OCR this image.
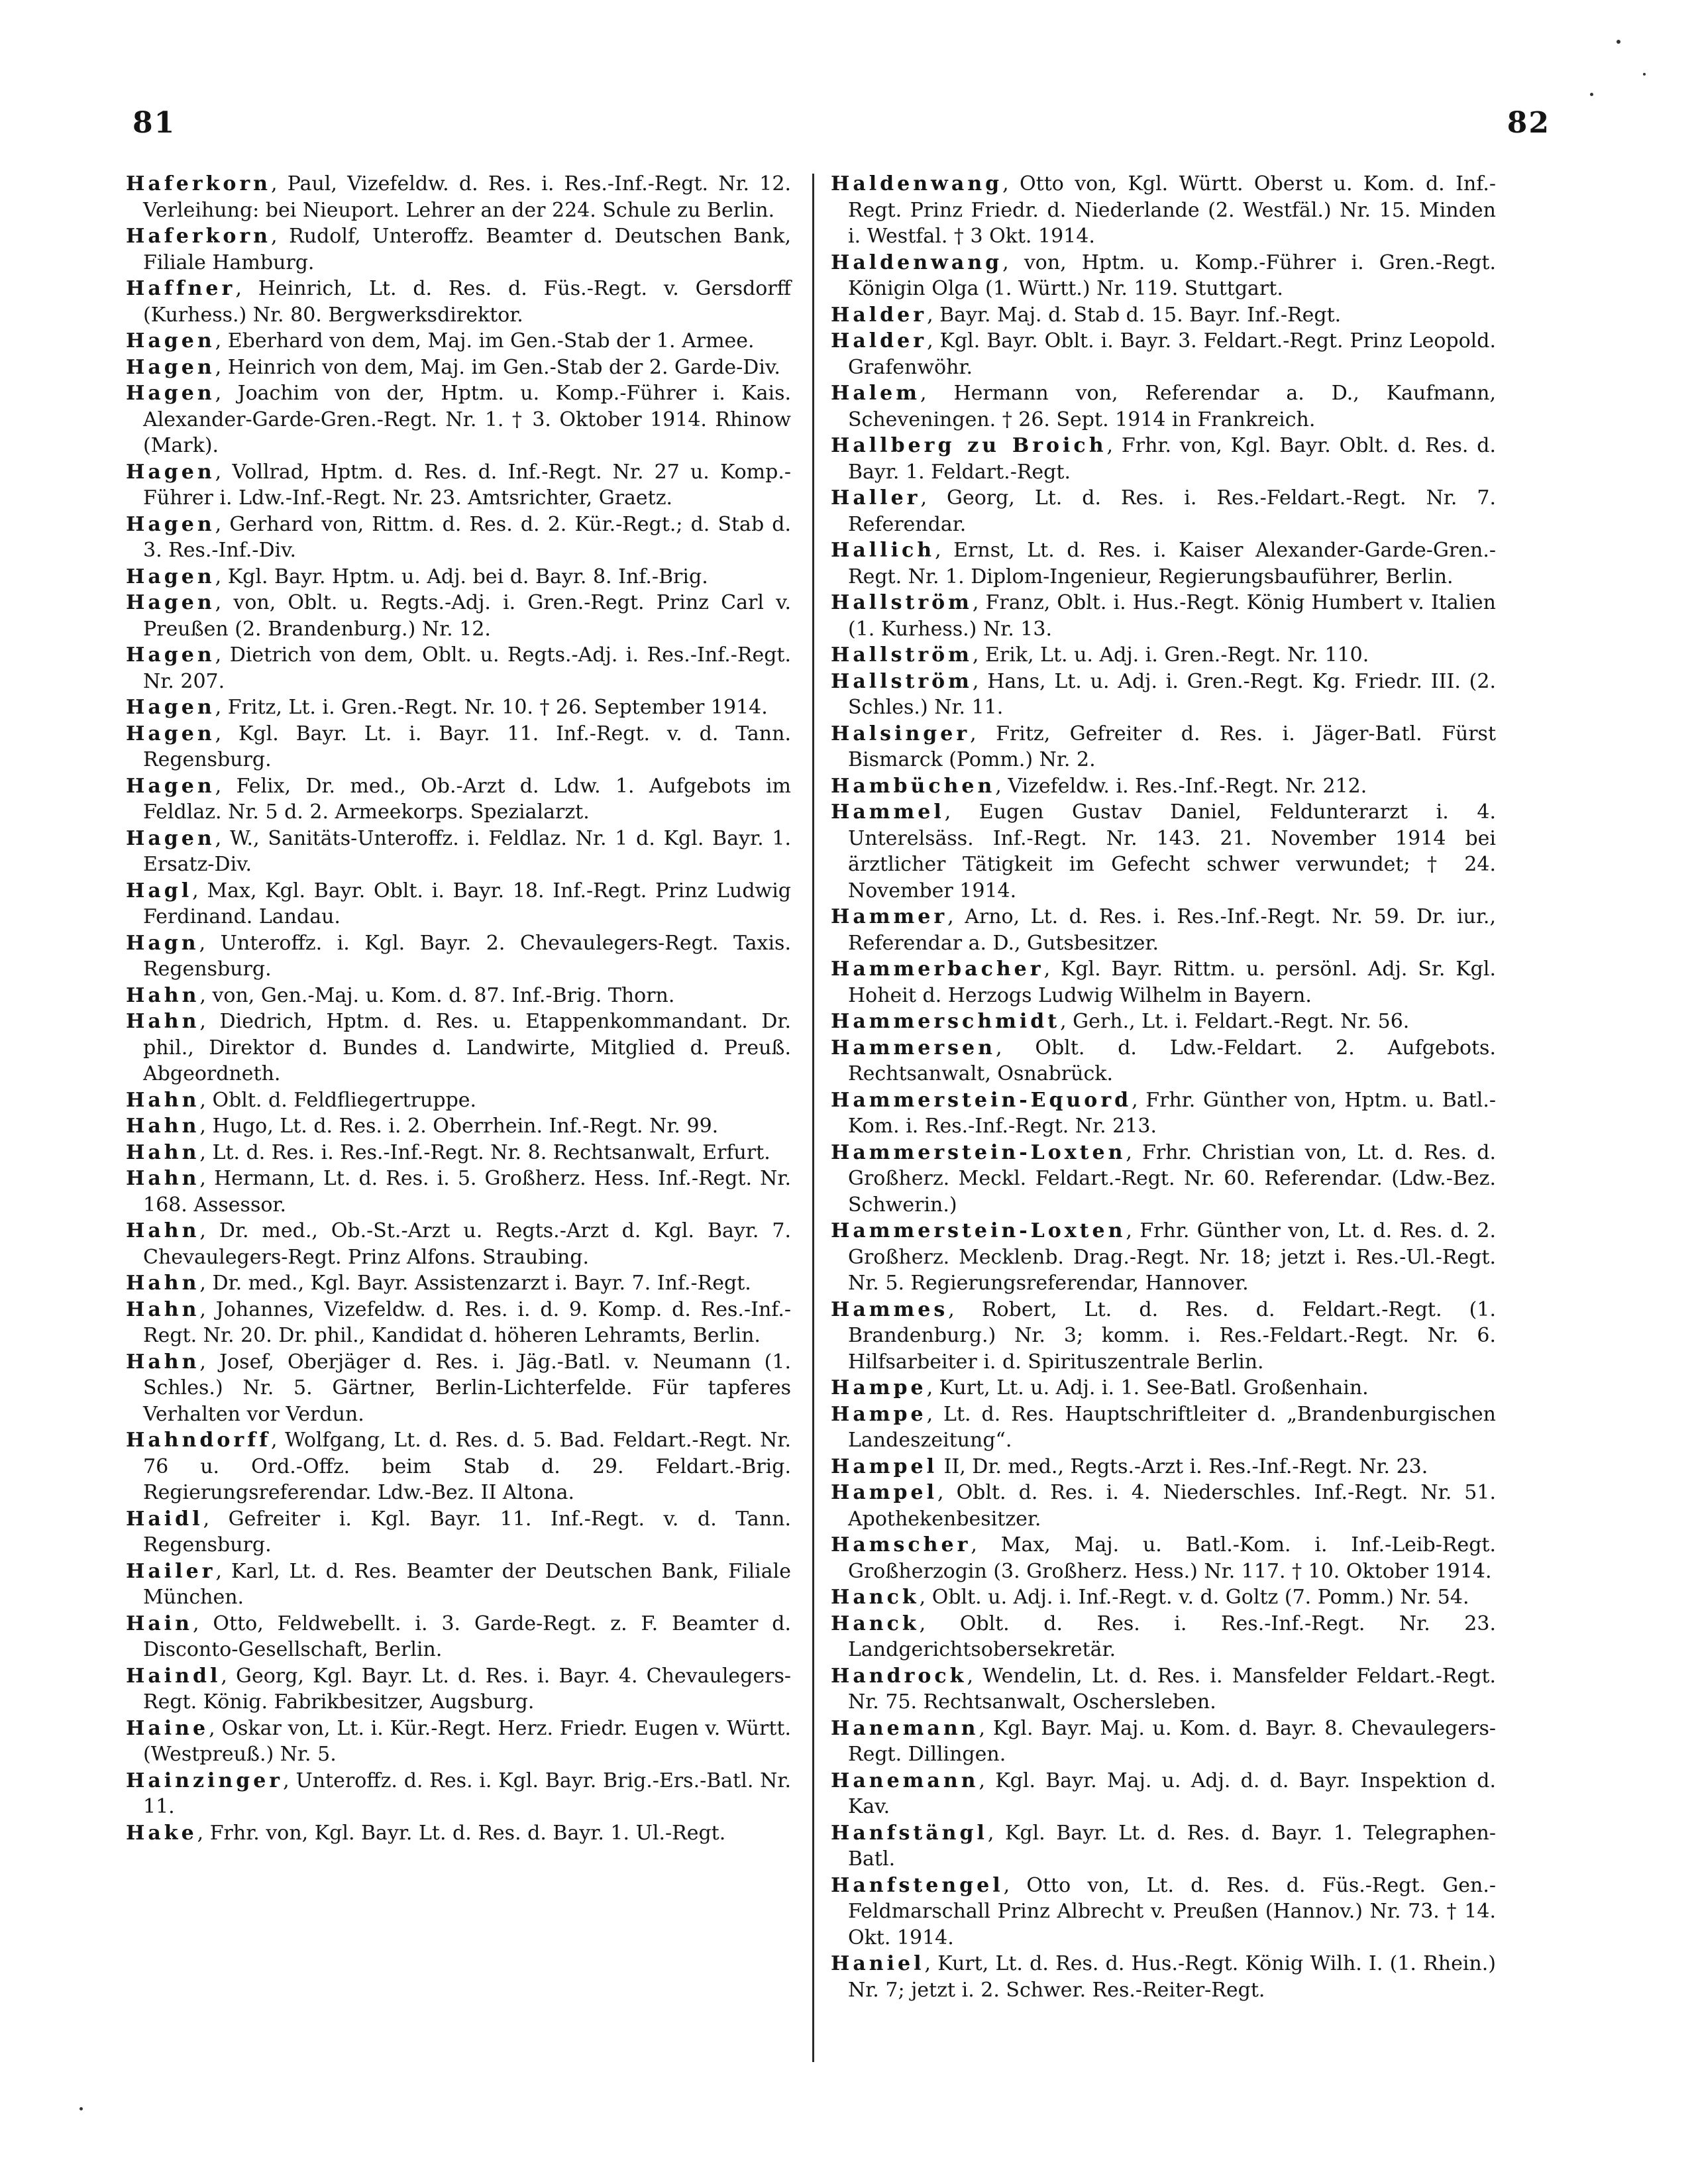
81	82

Haferkorn, Paul, Vizefeldw. d. Res. i. Res.-Inf.-Regt. Nr. 12. Verleihung: bei Nieuport. Lehrer an der 224. Schule zu Berlin.

Haferkorn, Rudolf, Unteroffz. Beamter d. Deutschen Bank, Filiale Hamburg.

Haffner, Heinrich, Lt. d. Res. d. Füs.-Regt. v. Gersdorff (Kurhess.) Nr. 80. Bergwerksdirektor.

Hagen, Eberhard von dem, Maj. im Gen.-Stab der 1. Armee.

Hagen, Heinrich von dem, Maj. im Gen.-Stab der 2. Garde-Div.

Hagen, Joachim von der, Hptm. u. Komp.-Führer i. Kais. Alexander-Garde-Gren.-Regt. Nr. 1. † 3. Oktober 1914. Rhinow (Mark).

Hagen, Vollrad, Hptm. d. Res. d. Inf.-Regt. Nr. 27 u. Komp.-Führer i. Ldw.-Inf.-Regt. Nr. 23. Amtsrichter, Graetz.

Hagen, Gerhard von, Rittm. d. Res. d. 2. Kür.-Regt.; d. Stab d. 3. Res.-Inf.-Div.

Hagen, Kgl. Bayr. Hptm. u. Adj. bei d. Bayr. 8. Inf.-Brig.

Hagen, von, Oblt. u. Regts.-Adj. i. Gren.-Regt. Prinz Carl v. Preußen (2. Brandenburg.) Nr. 12.

Hagen, Dietrich von dem, Oblt. u. Regts.-Adj. i. Res.-Inf.-Regt. Nr. 207.

Hagen, Fritz, Lt. i. Gren.-Regt. Nr. 10. † 26. September 1914.

Hagen, Kgl. Bayr. Lt. i. Bayr. 11. Inf.-Regt. v. d. Tann. Regensburg.

Hagen, Felix, Dr. med., Ob.-Arzt d. Ldw. 1. Aufgebots im Feldlaz. Nr. 5 d. 2. Armeekorps. Spezialarzt.

Hagen, W., Sanitäts-Unteroffz. i. Feldlaz. Nr. 1 d. Kgl. Bayr. 1. Ersatz-Div.

Hagl, Max, Kgl. Bayr. Oblt. i. Bayr. 18. Inf.-Regt. Prinz Ludwig Ferdinand. Landau.

Hagn, Unteroffz. i. Kgl. Bayr. 2. Chevaulegers-Regt. Taxis. Regensburg.

Hahn, von, Gen.-Maj. u. Kom. d. 87. Inf.-Brig. Thorn.

Hahn, Diedrich, Hptm. d. Res. u. Etappenkommandant. Dr. phil., Direktor d. Bundes d. Landwirte, Mitglied d. Preuß. Abgeordneth.

Hahn, Oblt. d. Feldfliegertruppe.

Hahn, Hugo, Lt. d. Res. i. 2. Oberrhein. Inf.-Regt. Nr. 99.

Hahn, Lt. d. Res. i. Res.-Inf.-Regt. Nr. 8. Rechtsanwalt, Erfurt.

Hahn, Hermann, Lt. d. Res. i. 5. Großherz. Hess. Inf.-Regt. Nr. 168. Assessor.

Hahn, Dr. med., Ob.-St.-Arzt u. Regts.-Arzt d. Kgl. Bayr. 7. Chevaulegers-Regt. Prinz Alfons. Straubing.

Hahn, Dr. med., Kgl. Bayr. Assistenzarzt i. Bayr. 7. Inf.-Regt.

Hahn, Johannes, Vizefeldw. d. Res. i. d. 9. Komp. d. Res.-Inf.-Regt. Nr. 20. Dr. phil., Kandidat d. höheren Lehramts, Berlin.

Hahn, Josef, Oberjäger d. Res. i. Jäg.-Batl. v. Neumann (1. Schles.) Nr. 5. Gärtner, Berlin-Lichterfelde. Für tapferes Verhalten vor Verdun.

Hahndorff, Wolfgang, Lt. d. Res. d. 5. Bad. Feldart.-Regt. Nr. 76 u. Ord.-Offz. beim Stab d. 29. Feldart.-Brig. Regierungsreferendar. Ldw.-Bez. II Altona.

Haidl, Gefreiter i. Kgl. Bayr. 11. Inf.-Regt. v. d. Tann. Regensburg.

Hailer, Karl, Lt. d. Res. Beamter der Deutschen Bank, Filiale München.

Hain, Otto, Feldwebellt. i. 3. Garde-Regt. z. F. Beamter d. Disconto-Gesellschaft, Berlin.

Haindl, Georg, Kgl. Bayr. Lt. d. Res. i. Bayr. 4. Chevaulegers-Regt. König. Fabrikbesitzer, Augsburg.

Haine, Oskar von, Lt. i. Kür.-Regt. Herz. Friedr. Eugen v. Württ. (Westpreuß.) Nr. 5.

Hainzinger, Unteroffz. d. Res. i. Kgl. Bayr. Brig.-Ers.-Batl. Nr. 11.

Hake, Frhr. von, Kgl. Bayr. Lt. d. Res. d. Bayr. 1. Ul.-Regt.

Haldenwang, Otto von, Kgl. Württ. Oberst u. Kom. d. Inf.-Regt. Prinz Friedr. d. Niederlande (2. Westfäl.) Nr. 15. Minden i. Westfal. † 3 Okt. 1914.

Haldenwang, von, Hptm. u. Komp.-Führer i. Gren.-Regt. Königin Olga (1. Württ.) Nr. 119. Stuttgart.

Halder, Bayr. Maj. d. Stab d. 15. Bayr. Inf.-Regt.

Halder, Kgl. Bayr. Oblt. i. Bayr. 3. Feldart.-Regt. Prinz Leopold. Grafenwöhr.

Halem, Hermann von, Referendar a. D., Kaufmann, Scheveningen. † 26. Sept. 1914 in Frankreich.

Hallberg zu Broich, Frhr. von, Kgl. Bayr. Oblt. d. Res. d. Bayr. 1. Feldart.-Regt.

Haller, Georg, Lt. d. Res. i. Res.-Feldart.-Regt. Nr. 7. Referendar.

Hallich, Ernst, Lt. d. Res. i. Kaiser Alexander-Garde-Gren.-Regt. Nr. 1. Diplom-Ingenieur, Regierungsbauführer, Berlin.

Hallström, Franz, Oblt. i. Hus.-Regt. König Humbert v. Italien (1. Kurhess.) Nr. 13.

Hallström, Erik, Lt. u. Adj. i. Gren.-Regt. Nr. 110.

Hallström, Hans, Lt. u. Adj. i. Gren.-Regt. Kg. Friedr. III. (2. Schles.) Nr. 11.

Halsinger, Fritz, Gefreiter d. Res. i. Jäger-Batl. Fürst Bismarck (Pomm.) Nr. 2.

Hambüchen, Vizefeldw. i. Res.-Inf.-Regt. Nr. 212.

Hammel, Eugen Gustav Daniel, Feldunterarzt i. 4. Unterelsäss. Inf.-Regt. Nr. 143. 21. November 1914 bei ärztlicher Tätigkeit im Gefecht schwer verwundet; † 24. November 1914.

Hammer, Arno, Lt. d. Res. i. Res.-Inf.-Regt. Nr. 59. Dr. iur., Referendar a. D., Gutsbesitzer.

Hammerbacher, Kgl. Bayr. Rittm. u. persönl. Adj. Sr. Kgl. Hoheit d. Herzogs Ludwig Wilhelm in Bayern.

Hammerschmidt, Gerh., Lt. i. Feldart.-Regt. Nr. 56.

Hammersen, Oblt. d. Ldw.-Feldart. 2. Aufgebots. Rechtsanwalt, Osnabrück.

Hammerstein-Equord, Frhr. Günther von, Hptm. u. Batl.-Kom. i. Res.-Inf.-Regt. Nr. 213.

Hammerstein-Loxten, Frhr. Christian von, Lt. d. Res. d. Großherz. Meckl. Feldart.-Regt. Nr. 60. Referendar. (Ldw.-Bez. Schwerin.)

Hammerstein-Loxten, Frhr. Günther von, Lt. d. Res. d. 2. Großherz. Mecklenb. Drag.-Regt. Nr. 18; jetzt i. Res.-Ul.-Regt. Nr. 5. Regierungsreferendar, Hannover.

Hammes, Robert, Lt. d. Res. d. Feldart.-Regt. (1. Brandenburg.) Nr. 3; komm. i. Res.-Feldart.-Regt. Nr. 6. Hilfsarbeiter i. d. Spirituszentrale Berlin.

Hampe, Kurt, Lt. u. Adj. i. 1. See-Batl. Großenhain.

Hampe, Lt. d. Res. Hauptschriftleiter d. „Brandenburgischen Landeszeitung“.

Hampel II, Dr. med., Regts.-Arzt i. Res.-Inf.-Regt. Nr. 23.

Hampel, Oblt. d. Res. i. 4. Niederschles. Inf.-Regt. Nr. 51. Apothekenbesitzer.

Hamscher, Max, Maj. u. Batl.-Kom. i. Inf.-Leib-Regt. Großherzogin (3. Großherz. Hess.) Nr. 117. † 10. Oktober 1914.

Hanck, Oblt. u. Adj. i. Inf.-Regt. v. d. Goltz (7. Pomm.) Nr. 54.

Hanck, Oblt. d. Res. i. Res.-Inf.-Regt. Nr. 23. Landgerichtsobersekretär.

Handrock, Wendelin, Lt. d. Res. i. Mansfelder Feldart.-Regt. Nr. 75. Rechtsanwalt, Oschersleben.

Hanemann, Kgl. Bayr. Maj. u. Kom. d. Bayr. 8. Chevaulegers-Regt. Dillingen.

Hanemann, Kgl. Bayr. Maj. u. Adj. d. d. Bayr. Inspektion d. Kav.

Hanfstängl, Kgl. Bayr. Lt. d. Res. d. Bayr. 1. Telegraphen-Batl.

Hanfstengel, Otto von, Lt. d. Res. d. Füs.-Regt. Gen.-Feldmarschall Prinz Albrecht v. Preußen (Hannov.) Nr. 73. † 14. Okt. 1914.

Haniel, Kurt, Lt. d. Res. d. Hus.-Regt. König Wilh. I. (1. Rhein.) Nr. 7; jetzt i. 2. Schwer. Res.-Reiter-Regt.
